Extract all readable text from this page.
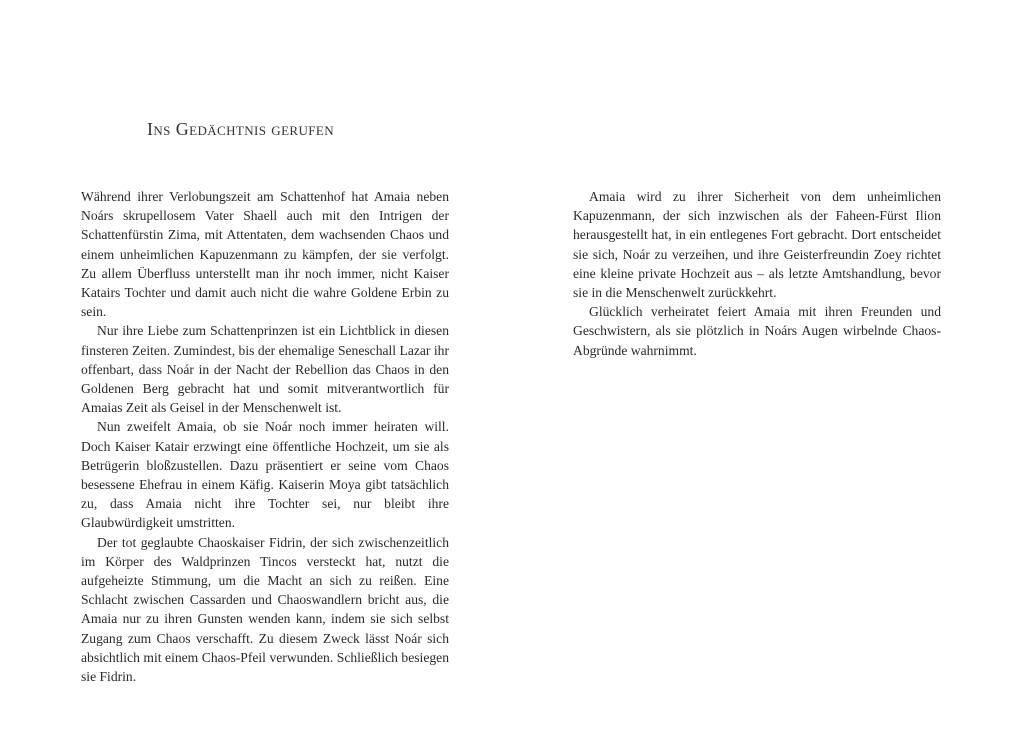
Ins Gedächtnis gerufen

Während ihrer Verlobungszeit am Schattenhof hat Amaia neben Noárs skrupellosem Vater Shaell auch mit den Intrigen der Schattenfürstin Zima, mit Attentaten, dem wachsenden Chaos und einem unheimlichen Kapuzenmann zu kämpfen, der sie verfolgt. Zu allem Überfluss unterstellt man ihr noch immer, nicht Kaiser Katairs Tochter und damit auch nicht die wahre Goldene Erbin zu sein.

Nur ihre Liebe zum Schattenprinzen ist ein Lichtblick in diesen finsteren Zeiten. Zumindest, bis der ehemalige Seneschall Lazar ihr offenbart, dass Noár in der Nacht der Rebellion das Chaos in den Goldenen Berg gebracht hat und somit mitverantwortlich für Amaias Zeit als Geisel in der Menschenwelt ist.

Nun zweifelt Amaia, ob sie Noár noch immer heiraten will. Doch Kaiser Katair erzwingt eine öffentliche Hochzeit, um sie als Betrügerin bloßzustellen. Dazu präsentiert er seine vom Chaos besessene Ehefrau in einem Käfig. Kaiserin Moya gibt tatsächlich zu, dass Amaia nicht ihre Tochter sei, nur bleibt ihre Glaubwürdigkeit umstritten.

Der tot geglaubte Chaoskaiser Fidrin, der sich zwischenzeitlich im Körper des Waldprinzen Tincos versteckt hat, nutzt die aufgeheizte Stimmung, um die Macht an sich zu reißen. Eine Schlacht zwischen Cassarden und Chaoswandlern bricht aus, die Amaia nur zu ihren Gunsten wenden kann, indem sie sich selbst Zugang zum Chaos verschafft. Zu diesem Zweck lässt Noár sich absichtlich mit einem Chaos-Pfeil verwunden. Schließlich besiegen sie Fidrin.

Amaia wird zu ihrer Sicherheit von dem unheimlichen Kapuzenmann, der sich inzwischen als der Faheen-Fürst Ilion herausgestellt hat, in ein entlegenes Fort gebracht. Dort entscheidet sie sich, Noár zu verzeihen, und ihre Geisterfreundin Zoey richtet eine kleine private Hochzeit aus – als letzte Amtshandlung, bevor sie in die Menschenwelt zurückkehrt.

Glücklich verheiratet feiert Amaia mit ihren Freunden und Geschwistern, als sie plötzlich in Noárs Augen wirbelnde Chaos-Abgründe wahrnimmt.
